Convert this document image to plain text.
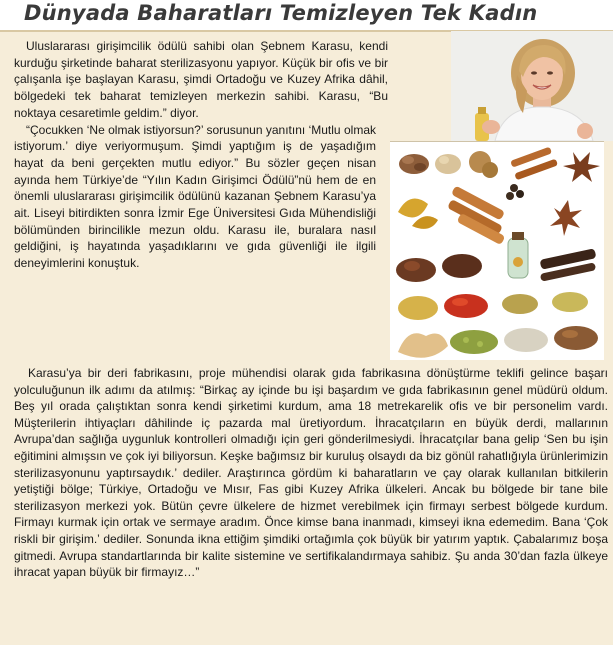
Dünyada Baharatları Temizleyen Tek Kadın

Uluslararası girişimcilik ödülü sahibi olan Şebnem Karasu, kendi kurduğu şirketinde baharat sterilizasyonu yapıyor. Küçük bir ofis ve bir çalışanla işe başlayan Karasu, şimdi Ortadoğu ve Kuzey Afrika dâhil, bölgedeki tek baharat temizleyen merkezin sahibi. Karasu, “Bu noktaya cesaretimle geldim.” diyor.

“Çocukken ‘Ne olmak istiyorsun?’ sorusunun yanıtını ‘Mutlu olmak istiyorum.’ diye veriyormuşum. Şimdi yaptığım iş de yaşadığım hayat da beni gerçekten mutlu ediyor.” Bu sözler geçen nisan ayında hem Türkiye’de “Yılın Kadın Girişimci Ödülü”nü hem de en önemli uluslararası girişimcilik ödülünü kazanan Şebnem Karasu’ya ait. Liseyi bitirdikten sonra İzmir Ege Üniversitesi Gıda Mühendisliği bölümünden birincilikle mezun oldu. Karasu ile, buralara nasıl geldiğini, iş hayatında yaşadıklarını ve gıda güvenliği ile ilgili deneyimlerini konuştuk.

Karasu’ya bir deri fabrikasını, proje mühendisi olarak gıda fabrikasına dönüştürme teklifi gelince başarı yolculuğunun ilk adımı da atılmış: “Birkaç ay içinde bu işi başardım ve gıda fabrikasının genel müdürü oldum. Beş yıl orada çalıştıktan sonra kendi şirketimi kurdum, ama 18 metrekarelik ofis ve bir personelim vardı. Müşterilerin ihtiyaçları dâhilinde iç pazarda mal üretiyordum. İhracatçıların en büyük derdi, mallarının Avrupa’dan sağlığa uygunluk kontrolleri olmadığı için geri gönderilmesiydi. İhracatçılar bana gelip ‘Sen bu işin eğitimini almışsın ve çok iyi biliyorsun. Keşke bağımsız bir kuruluş olsaydı da biz gönül rahatlığıyla ürünlerimizin sterilizasyonunu yaptırsaydık.’ dediler. Araştırınca gördüm ki baharatların ve çay olarak kullanılan bitkilerin yetiştiği bölge; Türkiye, Ortadoğu ve Mısır, Fas gibi Kuzey Afrika ülkeleri. Ancak bu bölgede bir tane bile sterilizasyon merkezi yok. Bütün çevre ülkelere de hizmet verebilmek için firmayı serbest bölgede kurdum. Firmayı kurmak için ortak ve sermaye aradım. Önce kimse bana inanmadı, kimseyi ikna edemedim. Bana ‘Çok riskli bir girişim.’ dediler. Sonunda ikna ettiğim şimdiki ortağımla çok büyük bir yatırım yaptık. Çabalarımız boşa gitmedi. Avrupa standartlarında bir kalite sistemine ve sertifikalandırmaya sahibiz. Şu anda 30’dan fazla ülkeye ihracat yapan büyük bir firmayız…”
